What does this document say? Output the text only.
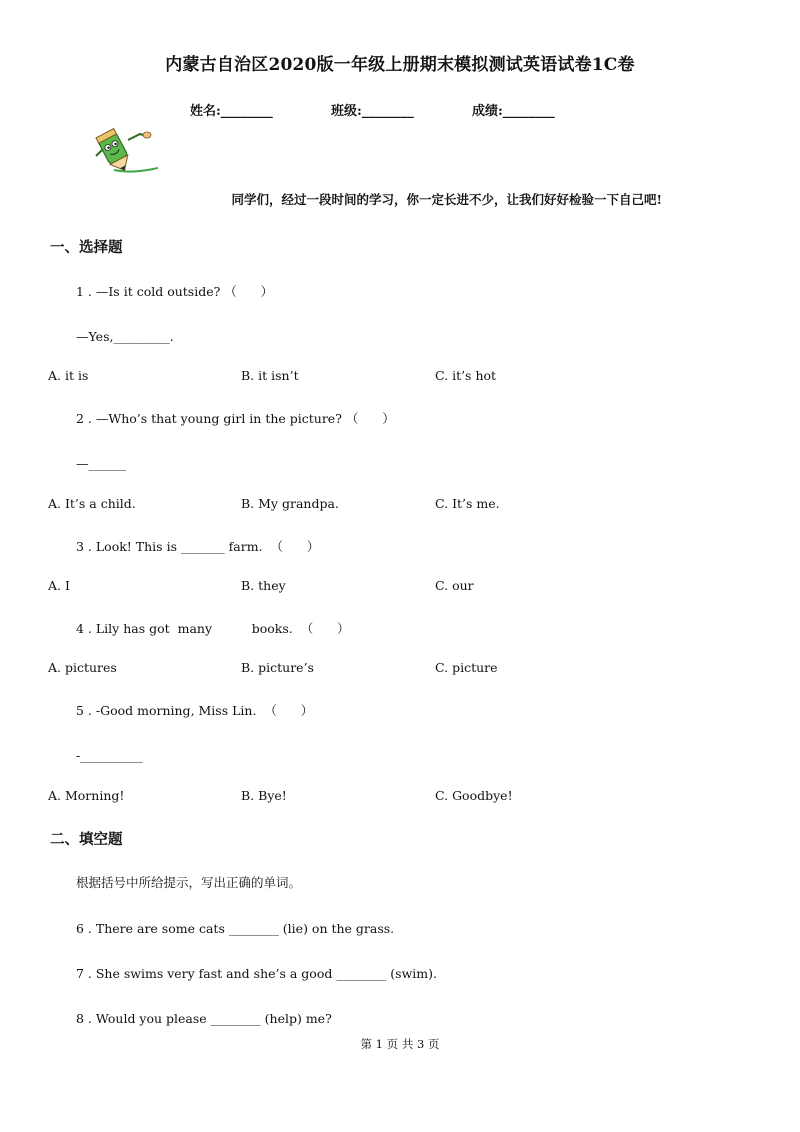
内蒙古自治区2020版一年级上册期末模拟测试英语试卷1C卷
姓名:________	班级:________	成绩:________
同学们，经过一段时间的学习，你一定长进不少，让我们好好检验一下自己吧!
一、选择题
1 . —Is it cold outside? （      ）
—Yes,_________.
A. it is	B. it isn’t	C. it’s hot
2 . —Who’s that young girl in the picture? （      ）
—______
A. It’s a child.	B. My grandpa.	C. It’s me.
3 . Look! This is _______ farm.  （      ）
A. I	B. they	C. our
4 . Lily has got  many          books.  （      ）
A. pictures	B. picture’s	C. picture
5 . -Good morning, Miss Lin.  （      ）
-__________
A. Morning!	B. Bye!	C. Goodbye!
二、填空题
根据括号中所给提示，写出正确的单词。
6 . There are some cats ________ (lie) on the grass.
7 . She swims very fast and she’s a good ________ (swim).
8 . Would you please ________ (help) me?
第 1 页 共 3 页
